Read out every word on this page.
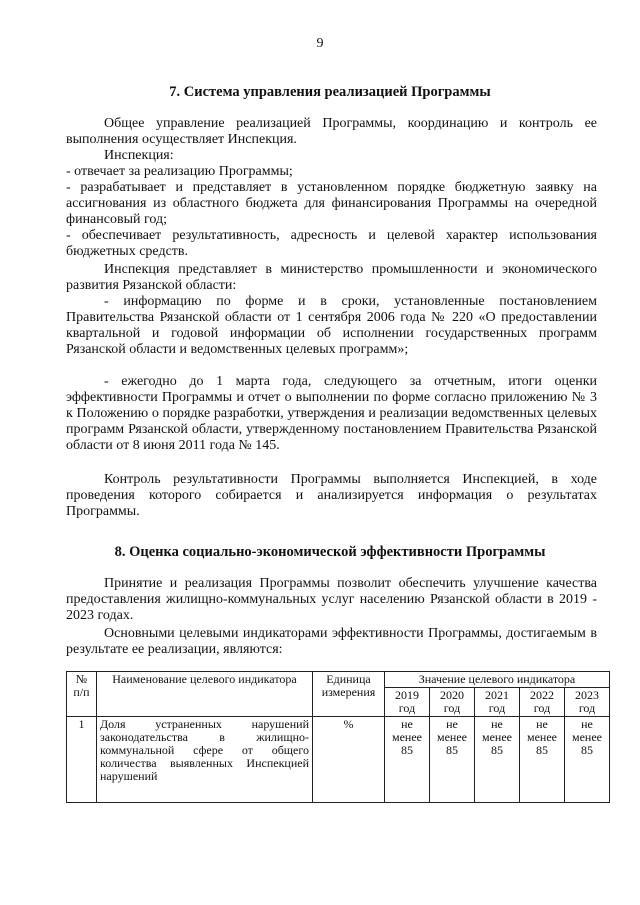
9
7. Система управления реализацией Программы

Общее управление реализацией Программы, координацию и контроль ее выполнения осуществляет Инспекция.

Инспекция:

- отвечает за реализацию Программы;

- разрабатывает и представляет в установленном порядке бюджетную заявку на ассигнования из областного бюджета для финансирования Программы на очередной финансовый год;

- обеспечивает результативность, адресность и целевой характер использования бюджетных средств.

Инспекция представляет в министерство промышленности и экономического развития Рязанской области:

- информацию по форме и в сроки, установленные постановлением Правительства Рязанской области от 1 сентября 2006 года № 220 «О предоставлении квартальной и годовой информации об исполнении государственных программ Рязанской области и ведомственных целевых программ»;

- ежегодно до 1 марта года, следующего за отчетным, итоги оценки эффективности Программы и отчет о выполнении по форме согласно приложению № 3 к Положению о порядке разработки, утверждения и реализации ведомственных целевых программ Рязанской области, утвержденному постановлением Правительства Рязанской области от 8 июня 2011 года № 145.

Контроль результативности Программы выполняется Инспекцией, в ходе проведения которого собирается и анализируется информация о результатах Программы.

8. Оценка социально-экономической эффективности Программы

Принятие и реализация Программы позволит обеспечить улучшение качества предоставления жилищно-коммунальных услуг населению Рязанской области в 2019 - 2023 годах.

Основными целевыми индикаторами эффективности Программы, достигаемым в результате ее реализации, являются:

№ п/п	Наименование целевого индикатора	Единица измерения	Значение целевого индикатора				
			2019 год	2020 год	2021 год	2022 год	2023 год
1	Доля устраненных нарушений законодательства в жилищно-коммунальной сфере от общего количества выявленных Инспекцией нарушений	%	не менее 85	не менее 85	не менее 85	не менее 85	не менее 85
